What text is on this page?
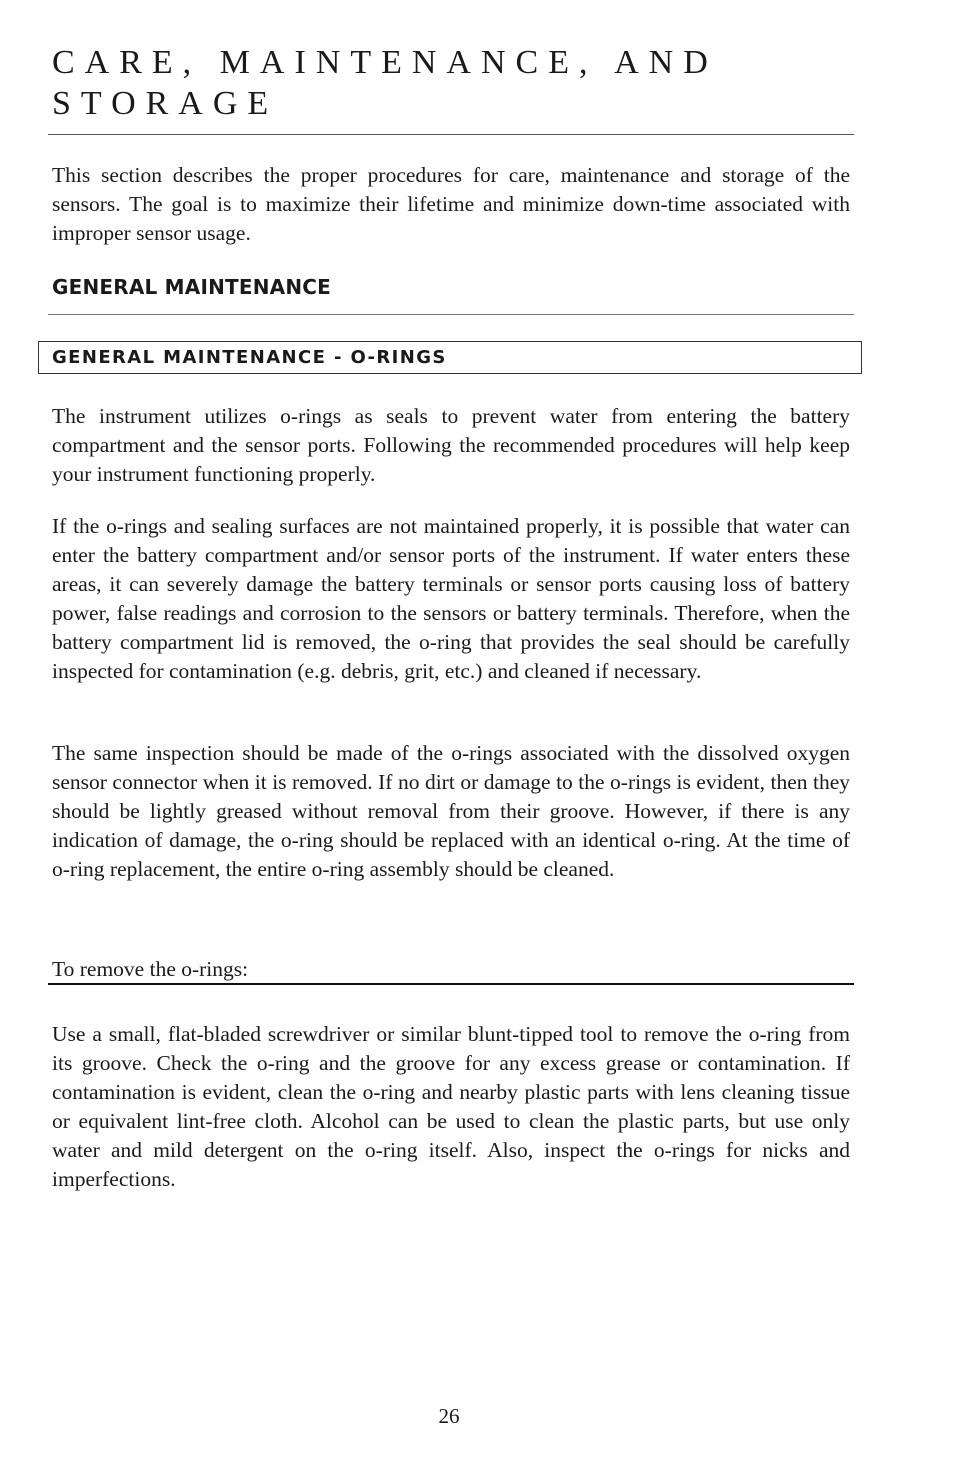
CARE, MAINTENANCE, AND
STORAGE

This section describes the proper procedures for care, maintenance and storage of the sensors. The goal is to maximize their lifetime and minimize down-time associated with improper sensor usage.

GENERAL MAINTENANCE
GENERAL MAINTENANCE - O-RINGS

The instrument utilizes o-rings as seals to prevent water from entering the battery compartment and the sensor ports. Following the recommended procedures will help keep your instrument functioning properly.

If the o-rings and sealing surfaces are not maintained properly, it is possible that water can enter the battery compartment and/or sensor ports of the instrument. If water enters these areas, it can severely damage the battery terminals or sensor ports causing loss of battery power, false readings and corrosion to the sensors or battery terminals. Therefore, when the battery compartment lid is removed, the o-ring that provides the seal should be carefully inspected for contamination (e.g. debris, grit, etc.) and cleaned if necessary.

The same inspection should be made of the o-rings associated with the dissolved oxygen sensor connector when it is removed. If no dirt or damage to the o-rings is evident, then they should be lightly greased without removal from their groove. However, if there is any indication of damage, the o-ring should be replaced with an identical o-ring. At the time of o-ring replacement, the entire o-ring assembly should be cleaned.

To remove the o-rings:

Use a small, flat-bladed screwdriver or similar blunt-tipped tool to remove the o-ring from its groove. Check the o-ring and the groove for any excess grease or contamination. If contamination is evident, clean the o-ring and nearby plastic parts with lens cleaning tissue or equivalent lint-free cloth. Alcohol can be used to clean the plastic parts, but use only water and mild detergent on the o-ring itself. Also, inspect the o-rings for nicks and imperfections.

26
